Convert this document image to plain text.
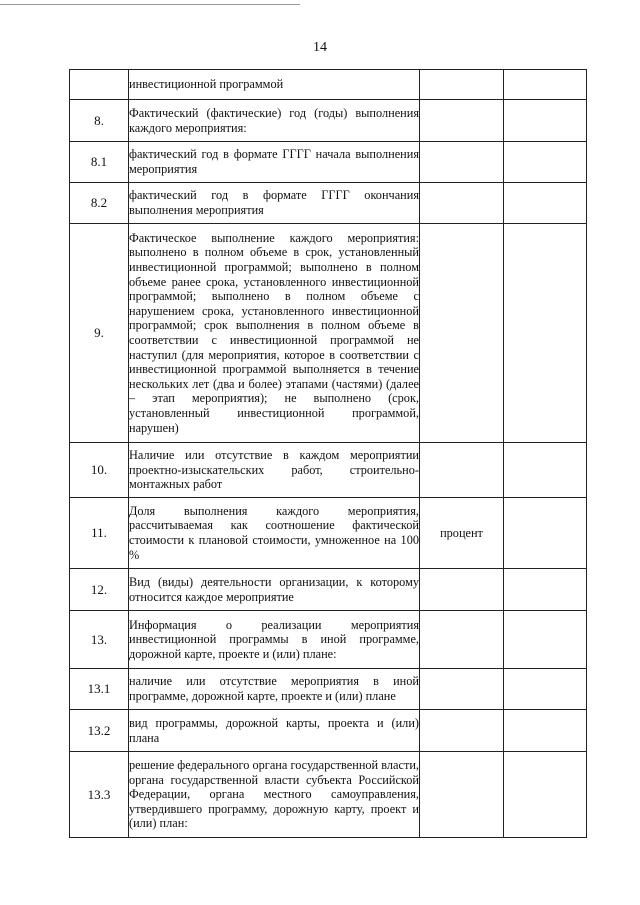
14
	инвестиционной программой		
8.	Фактический (фактические) год (годы) выполнения каждого мероприятия:		
8.1	фактический год в формате ГГГГ начала выполнения мероприятия		
8.2	фактический год в формате ГГГГ окончания выполнения мероприятия		
9.	Фактическое выполнение каждого мероприятия: выполнено в полном объеме в срок, установленный инвестиционной программой; выполнено в полном объеме ранее срока, установленного инвестиционной программой; выполнено в полном объеме с нарушением срока, установленного инвестиционной программой; срок выполнения в полном объеме в соответствии с инвестиционной программой не наступил (для мероприятия, которое в соответствии с инвестиционной программой выполняется в течение нескольких лет (два и более) этапами (частями) (далее – этап мероприятия); не выполнено (срок, установленный инвестиционной программой, нарушен)		
10.	Наличие или отсутствие в каждом мероприятии проектно-изыскательских работ, строительно-монтажных работ		
11.	Доля выполнения каждого мероприятия, рассчитываемая как соотношение фактической стоимости к плановой стоимости, умноженное на 100 %	процент	
12.	Вид (виды) деятельности организации, к которому относится каждое мероприятие		
13.	Информация о реализации мероприятия инвестиционной программы в иной программе, дорожной карте, проекте и (или) плане:		
13.1	наличие или отсутствие мероприятия в иной программе, дорожной карте, проекте и (или) плане		
13.2	вид программы, дорожной карты, проекта и (или) плана		
13.3	решение федерального органа государственной власти, органа государственной власти субъекта Российской Федерации, органа местного самоуправления, утвердившего программу, дорожную карту, проект и (или) план:		
